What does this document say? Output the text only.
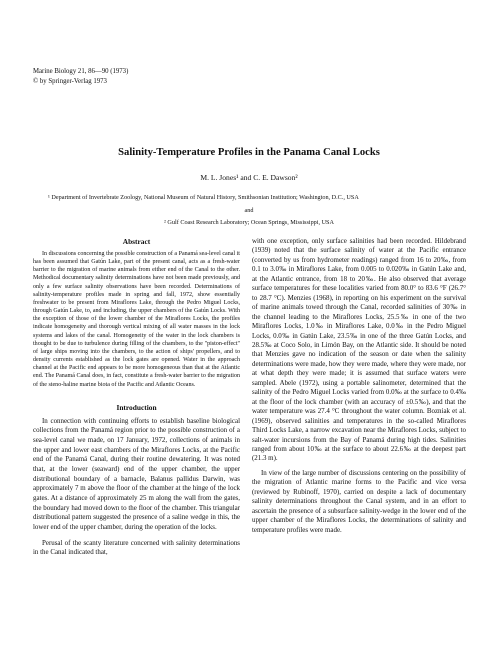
Marine Biology 21, 86—90 (1973)
© by Springer-Verlag 1973
Salinity-Temperature Profiles in the Panama Canal Locks
M. L. Jones¹ and C. E. Dawson²
¹ Department of Invertebrate Zoology, National Museum of Natural History, Smithsonian Institution; Washington, D.C., USA
and
² Gulf Coast Research Laboratory; Ocean Springs, Mississippi, USA
Abstract

In discussions concerning the possible construction of a Panamá sea-level canal it has been assumed that Gatún Lake, part of the present canal, acts as a fresh-water barrier to the migration of marine animals from either end of the Canal to the other. Methodical documentary salinity determinations have not been made previously, and only a few surface salinity observations have been recorded. Determinations of salinity-temperature profiles made in spring and fall, 1972, show essentially freshwater to be present from Miraflores Lake, through the Pedro Miguel Locks, through Gatún Lake, to, and including, the upper chambers of the Gatún Locks. With the exception of those of the lower chamber of the Miraflores Locks, the profiles indicate homogeneity and thorough vertical mixing of all water masses in the lock systems and lakes of the canal. Homogeneity of the water in the lock chambers is thought to be due to turbulence during filling of the chambers, to the "piston-effect" of large ships moving into the chambers, to the action of ships' propellers, and to density currents established as the lock gates are opened. Water in the approach channel at the Pacific end appears to be more homogeneous than that at the Atlantic end. The Panamá Canal does, in fact, constitute a fresh-water barrier to the migration of the steno-haline marine biota of the Pacific and Atlantic Oceans.

Introduction

In connection with continuing efforts to establish baseline biological collections from the Panamá region prior to the possible construction of a sea-level canal we made, on 17 January, 1972, collections of animals in the upper and lower east chambers of the Miraflores Locks, at the Pacific end of the Panamá Canal, during their routine dewatering. It was noted that, at the lower (seaward) end of the upper chamber, the upper distributional boundary of a barnacle, Balanus pallidus Darwin, was approximately 7 m above the floor of the chamber at the hinge of the lock gates. At a distance of approximately 25 m along the wall from the gates, the boundary had moved down to the floor of the chamber. This triangular distributional pattern suggested the presence of a saline wedge in this, the lower end of the upper chamber, during the operation of the locks.

Perusal of the scanty literature concerned with salinity determinations in the Canal indicated that,

with one exception, only surface salinities had been recorded. Hildebrand (1939) noted that the surface salinity of water at the Pacific entrance (converted by us from hydrometer readings) ranged from 16 to 20‰, from 0.1 to 3.0‰ in Miraflores Lake, from 0.005 to 0.020‰ in Gatún Lake and, at the Atlantic entrance, from 18 to 20‰. He also observed that average surface temperatures for these localities varied from 80.0° to 83.6 °F (26.7° to 28.7 °C). Menzies (1968), in reporting on his experiment on the survival of marine animals towed through the Canal, recorded salinities of 30‰ in the channel leading to the Miraflores Locks, 25.5‰ in one of the two Miraflores Locks, 1.0‰ in Miraflores Lake, 0.0‰ in the Pedro Miguel Locks, 0.0‰ in Gatún Lake, 23.5‰ in one of the three Gatún Locks, and 28.5‰ at Coco Solo, in Limón Bay, on the Atlantic side. It should be noted that Menzies gave no indication of the season or date when the salinity determinations were made, how they were made, where they were made, nor at what depth they were made; it is assumed that surface waters were sampled. Abele (1972), using a portable salinometer, determined that the salinity of the Pedro Miguel Locks varied from 0.0‰ at the surface to 0.4‰ at the floor of the lock chamber (with an accuracy of ±0.5‰), and that the water temperature was 27.4 °C throughout the water column. Bozniak et al. (1969), observed salinities and temperatures in the so-called Miraflores Third Locks Lake, a narrow excavation near the Miraflores Locks, subject to salt-water incursions from the Bay of Panamá during high tides. Salinities ranged from about 10‰ at the surface to about 22.6‰ at the deepest part (21.3 m).

In view of the large number of discussions centering on the possibility of the migration of Atlantic marine forms to the Pacific and vice versa (reviewed by Rubinoff, 1970), carried on despite a lack of documentary salinity determinations throughout the Canal system, and in an effort to ascertain the presence of a subsurface salinity-wedge in the lower end of the upper chamber of the Miraflores Locks, the determinations of salinity and temperature profiles were made.
